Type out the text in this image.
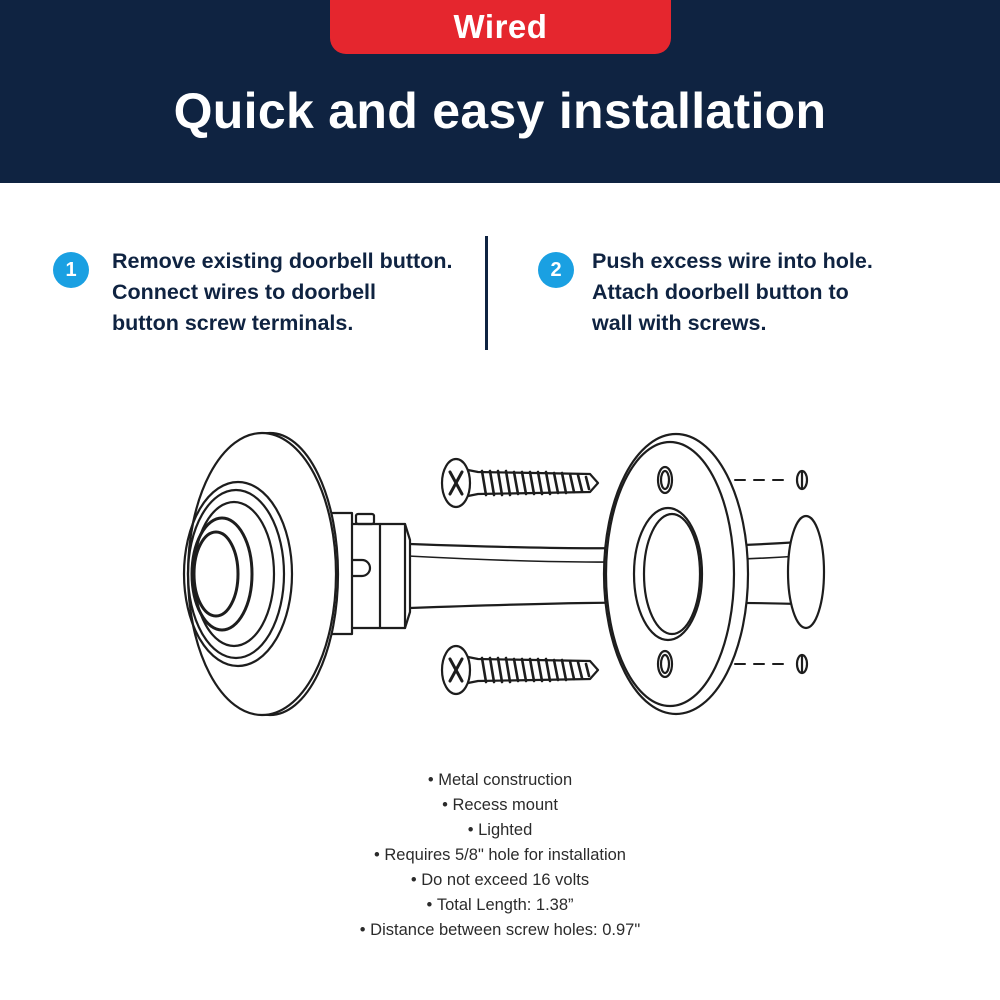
Wired
Quick and easy installation
1	Remove existing doorbell button.
Connect wires to doorbell
button screw terminals.
2	Push excess wire into hole.
Attach doorbell button to
wall with screws.
• Metal construction
• Recess mount
• Lighted
• Requires 5/8" hole for installation
• Do not exceed 16 volts
• Total Length: 1.38”
• Distance between screw holes: 0.97"
